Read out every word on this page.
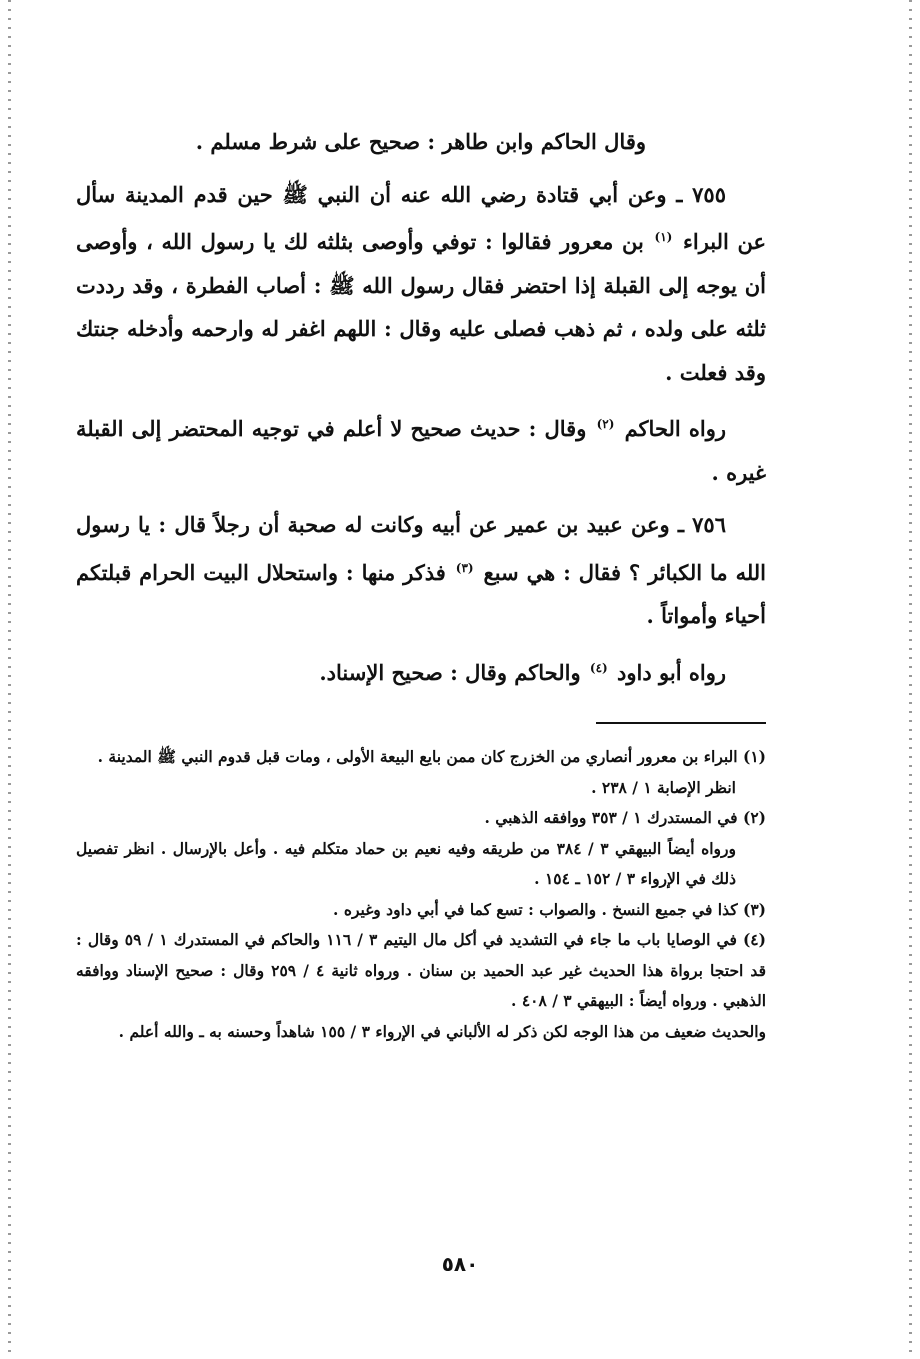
وقال الحاكم وابن طاهر : صحيح على شرط مسلم .

٧٥٥ ـ وعن أبي قتادة رضي الله عنه أن النبي ﷺ حين قدم المدينة سأل عن البراء $^{(١)}$ بن معرور فقالوا : توفي وأوصى بثلثه لك يا رسول الله ، وأوصى أن يوجه إلى القبلة إذا احتضر فقال رسول الله ﷺ : أصاب الفطرة ، وقد رددت ثلثه على ولده ، ثم ذهب فصلى عليه وقال : اللهم اغفر له وارحمه وأدخله جنتك وقد فعلت .

رواه الحاكم $^{(٢)}$ وقال : حديث صحيح لا أعلم في توجيه المحتضر إلى القبلة غيره .

٧٥٦ ـ وعن عبيد بن عمير عن أبيه وكانت له صحبة أن رجلاً قال : يا رسول الله ما الكبائر ؟ فقال : هي سبع $^{(٣)}$ فذكر منها : واستحلال البيت الحرام قبلتكم أحياء وأمواتاً .

رواه أبو داود $^{(٤)}$ والحاكم وقال : صحيح الإسناد.

(١) البراء بن معرور أنصاري من الخزرج كان ممن بايع البيعة الأولى ، ومات قبل قدوم النبي ﷺ المدينة .

انظر الإصابة ١ / ٢٣٨ .

(٢) في المستدرك ١ / ٣٥٣ ووافقه الذهبي .

ورواه أيضاً البيهقي ٣ / ٣٨٤ من طريقه وفيه نعيم بن حماد متكلم فيه . وأعل بالإرسال . انظر تفصيل ذلك في الإرواء ٣ / ١٥٢ ـ ١٥٤ .

(٣) كذا في جميع النسخ . والصواب : تسع كما في أبي داود وغيره .

(٤) في الوصايا باب ما جاء في التشديد في أكل مال اليتيم ٣ / ١١٦ والحاكم في المستدرك ١ / ٥٩ وقال : قد احتجا برواة هذا الحديث غير عبد الحميد بن سنان . ورواه ثانية ٤ / ٢٥٩ وقال : صحيح الإسناد ووافقه الذهبي . ورواه أيضاً : البيهقي ٣ / ٤٠٨ .

والحديث ضعيف من هذا الوجه لكن ذكر له الألباني في الإرواء ٣ / ١٥٥ شاهداً وحسنه به ـ والله أعلم .

٥٨٠
